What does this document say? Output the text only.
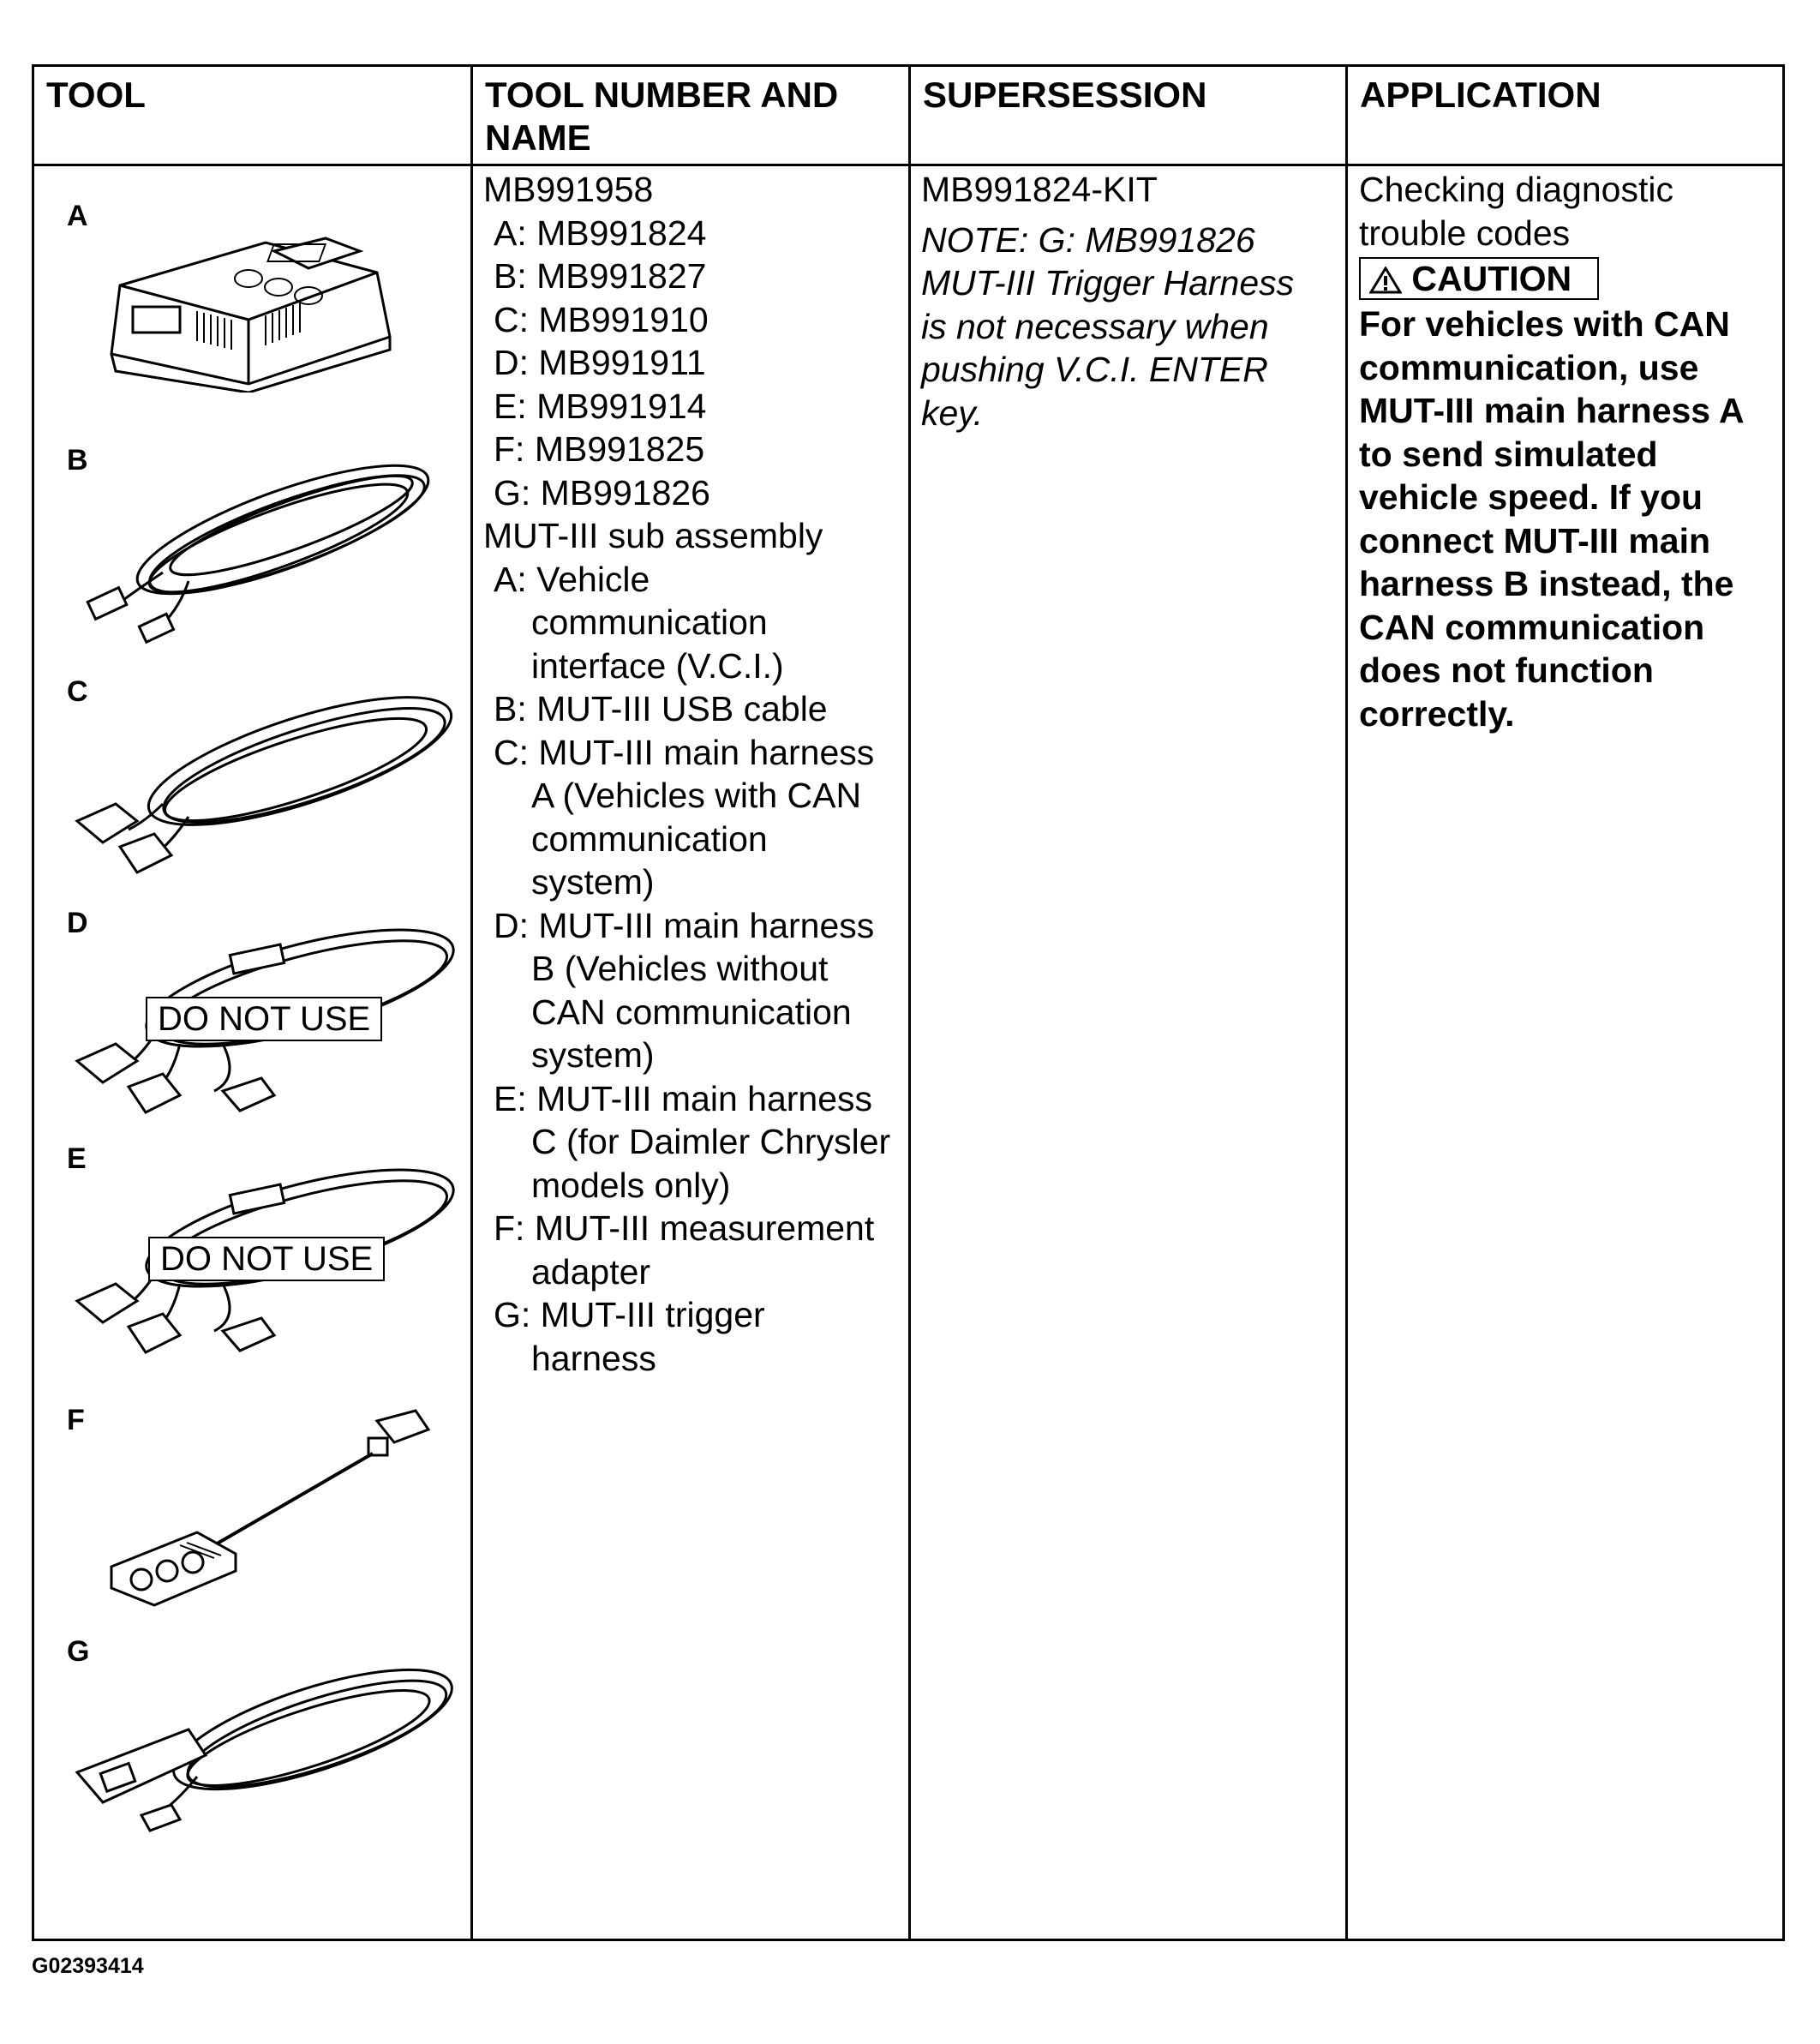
TOOL	TOOL NUMBER AND
NAME
SUPERSESSION	APPLICATION
A
B
C
D
DO NOT USE
E
DO NOT USE
F
G

MB991958

A: MB991824

B: MB991827

C: MB991910

D: MB991911

E: MB991914

F: MB991825

G: MB991826

MUT-III sub assembly

A: Vehicle

communication

interface (V.C.I.)

B: MUT-III USB cable

C: MUT-III main harness

A (Vehicles with CAN

communication

system)

D: MUT-III main harness

B (Vehicles without

CAN communication

system)

E: MUT-III main harness

C (for Daimler Chrysler

models only)

F: MUT-III measurement

adapter

G: MUT-III trigger

harness

MB991824-KIT

NOTE: G: MB991826

MUT-III Trigger Harness

is not necessary when

pushing V.C.I. ENTER

key.

Checking diagnostic

trouble codes

CAUTION

For vehicles with CAN

communication, use

MUT-III main harness A

to send simulated

vehicle speed. If you

connect MUT-III main

harness B instead, the

CAN communication

does not function

correctly.

G02393414
